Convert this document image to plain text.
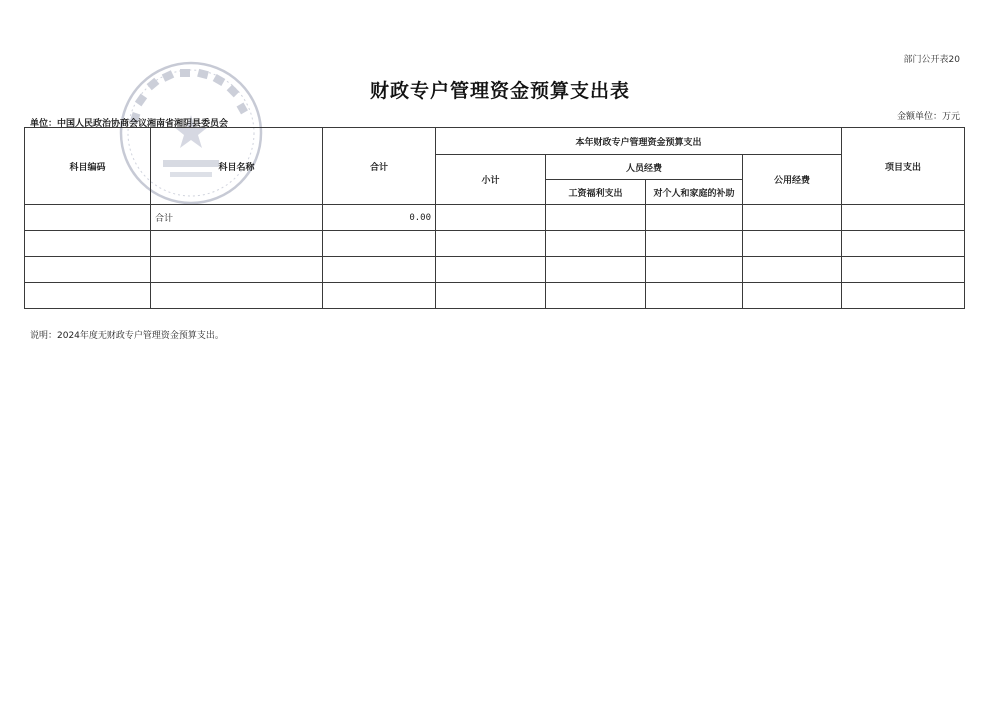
部门公开表20
财政专户管理资金预算支出表
单位：中国人民政治协商会议湘南省湘阴县委员会
金额单位：万元
科目编码	科目名称	合计	本年财政专户管理资金预算支出				项目支出
			小计	人员经费		公用经费	
				工资福利支出	对个人和家庭的补助		
	合计	0.00					

说明：2024年度无财政专户管理资金预算支出。
